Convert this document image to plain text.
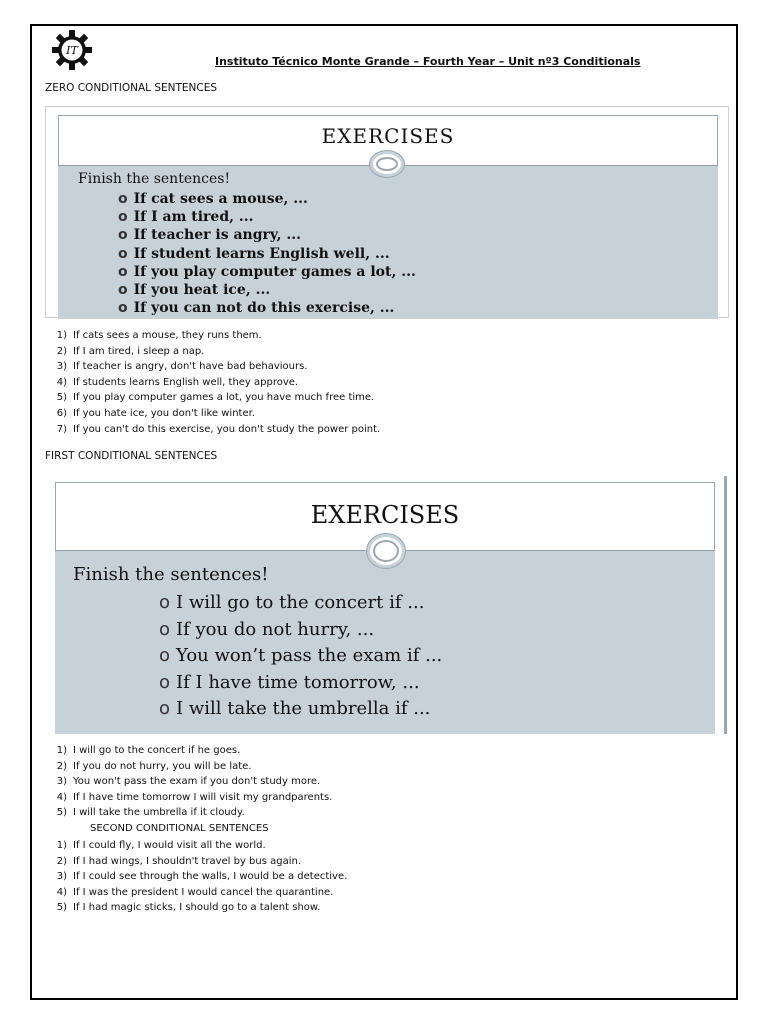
IT
Instituto Técnico Monte Grande – Fourth Year – Unit nº3 Conditionals
ZERO CONDITIONAL SENTENCES
EXERCISES
Finish the sentences!
o If cat sees a mouse, ...
o If I am tired, ...
o If teacher is angry, ...
o If student learns English well, ...
o If you play computer games a lot, ...
o If you heat ice, ...
o If you can not do this exercise, ...
1) If cats sees a mouse, they runs them.
2) If I am tired, i sleep a nap.
3) If teacher is angry, don't have bad behaviours.
4) If students learns English well, they approve.
5) If you play computer games a lot, you have much free time.
6) If you hate ice, you don't like winter.
7) If you can't do this exercise, you don't study the power point.
FIRST CONDITIONAL SENTENCES
EXERCISES
Finish the sentences!
o I will go to the concert if ...
o If you do not hurry, ...
o You won’t pass the exam if ...
o If I have time tomorrow, ...
o I will take the umbrella if ...
1) I will go to the concert if he goes.
2) If you do not hurry, you will be late.
3) You won't pass the exam if you don't study more.
4) If I have time tomorrow I will visit my grandparents.
5) I will take the umbrella if it cloudy.
SECOND CONDITIONAL SENTENCES
1) If I could fly, I would visit all the world.
2) If I had wings, I shouldn't travel by bus again.
3) If I could see through the walls, I would be a detective.
4) If I was the president I would cancel the quarantine.
5) If I had magic sticks, I should go to a talent show.
